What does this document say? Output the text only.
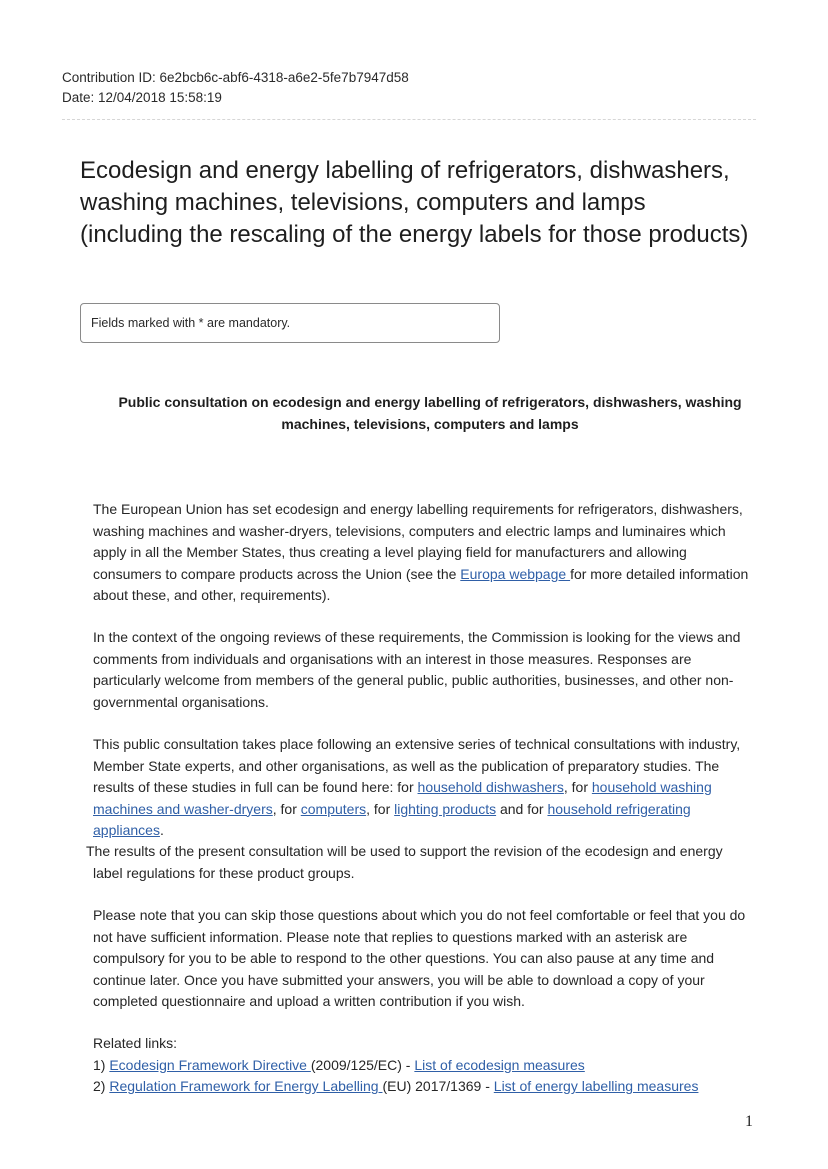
Contribution ID: 6e2bcb6c-abf6-4318-a6e2-5fe7b7947d58
Date: 12/04/2018 15:58:19
Ecodesign and energy labelling of refrigerators, dishwashers,
washing machines, televisions, computers and lamps
(including the rescaling of the energy labels for those products)
Fields marked with * are mandatory.
Public consultation on ecodesign and energy labelling of refrigerators, dishwashers, washing
machines, televisions, computers and lamps

The European Union has set ecodesign and energy labelling requirements for refrigerators, dishwashers,
washing machines and washer-dryers, televisions, computers and electric lamps and luminaires which
apply in all the Member States, thus creating a level playing field for manufacturers and allowing
consumers to compare products across the Union (see the Europa webpage for more detailed information
about these, and other, requirements).

In the context of the ongoing reviews of these requirements, the Commission is looking for the views and
comments from individuals and organisations with an interest in those measures. Responses are
particularly welcome from members of the general public, public authorities, businesses, and other non-
governmental organisations.

This public consultation takes place following an extensive series of technical consultations with industry,
Member State experts, and other organisations, as well as the publication of preparatory studies. The
results of these studies in full can be found here: for household dishwashers, for household washing
machines and washer-dryers, for computers, for lighting products and for household refrigerating
appliances.

The results of the present consultation will be used to support the revision of the ecodesign and energy
label regulations for these product groups.

Please note that you can skip those questions about which you do not feel comfortable or feel that you do
not have sufficient information. Please note that replies to questions marked with an asterisk are
compulsory for you to be able to respond to the other questions. You can also pause at any time and
continue later. Once you have submitted your answers, you will be able to download a copy of your
completed questionnaire and upload a written contribution if you wish.

Related links:
1) Ecodesign Framework Directive (2009/125/EC) - List of ecodesign measures
2) Regulation Framework for Energy Labelling (EU) 2017/1369 - List of energy labelling measures
1
